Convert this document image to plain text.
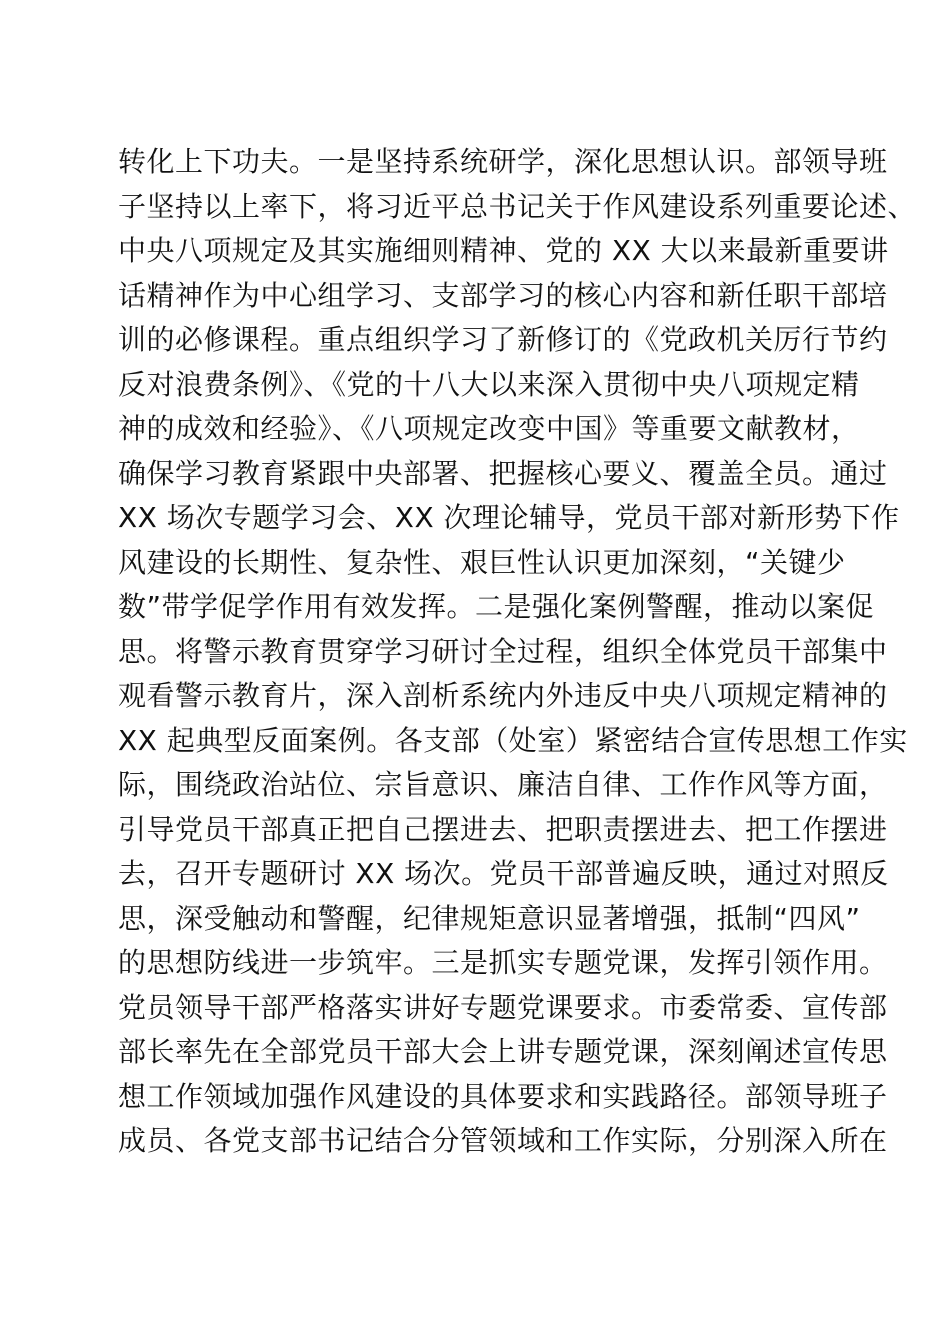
转化上下功夫。一是坚持系统研学，深化思想认识。部领导班
子坚持以上率下，将习近平总书记关于作风建设系列重要论述、
中央八项规定及其实施细则精神、党的 XX 大以来最新重要讲
话精神作为中心组学习、支部学习的核心内容和新任职干部培
训的必修课程。重点组织学习了新修订的《党政机关厉行节约
反对浪费条例》、《党的十八大以来深入贯彻中央八项规定精
神的成效和经验》、《八项规定改变中国》等重要文献教材，
确保学习教育紧跟中央部署、把握核心要义、覆盖全员。通过
XX 场次专题学习会、XX 次理论辅导，党员干部对新形势下作
风建设的长期性、复杂性、艰巨性认识更加深刻，“关键少
数”带学促学作用有效发挥。二是强化案例警醒，推动以案促
思。将警示教育贯穿学习研讨全过程，组织全体党员干部集中
观看警示教育片，深入剖析系统内外违反中央八项规定精神的
XX 起典型反面案例。各支部（处室）紧密结合宣传思想工作实
际，围绕政治站位、宗旨意识、廉洁自律、工作作风等方面，
引导党员干部真正把自己摆进去、把职责摆进去、把工作摆进
去，召开专题研讨 XX 场次。党员干部普遍反映，通过对照反
思，深受触动和警醒，纪律规矩意识显著增强，抵制“四风”
的思想防线进一步筑牢。三是抓实专题党课，发挥引领作用。
党员领导干部严格落实讲好专题党课要求。市委常委、宣传部
部长率先在全部党员干部大会上讲专题党课，深刻阐述宣传思
想工作领域加强作风建设的具体要求和实践路径。部领导班子
成员、各党支部书记结合分管领域和工作实际，分别深入所在
